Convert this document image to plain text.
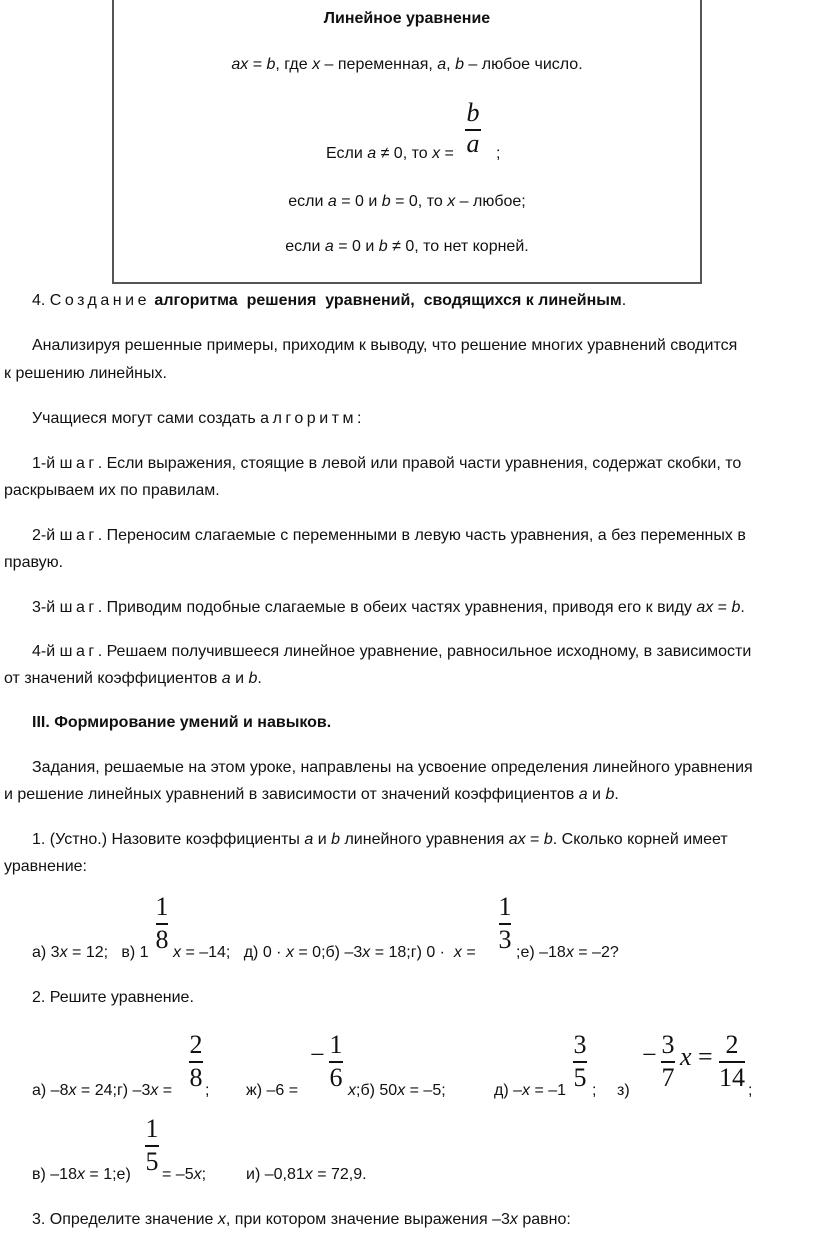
Линейное уравнение
ax = b, где x – переменная, a, b – любое число.
Если a ≠ 0, то x =
b
a ;
если a = 0 и b = 0, то x – любое;
если a = 0 и b ≠ 0, то нет корней.
4. Создание алгоритма  решения  уравнений,  сводящихся к линейным.
Анализируя решенные примеры, приходим к выводу, что решение многих уравнений сводится
к решению линейных.
Учащиеся могут сами создать алгоритм:
1-й шаг. Если выражения, стоящие в левой или правой части уравнения, содержат скобки, то
раскрываем их по правилам.
2-й шаг. Переносим слагаемые с переменными в левую часть уравнения, а без переменных в
правую.
3-й шаг. Приводим подобные слагаемые в обеих частях уравнения, приводя его к виду ax = b.
4-й шаг. Решаем получившееся линейное уравнение, равносильное исходному, в зависимости
от значений коэффициентов a и b.
III. Формирование умений и навыков.
Задания, решаемые на этом уроке, направлены на усвоение определения линейного уравнения
и решение линейных уравнений в зависимости от значений коэффициентов a и b.
1. (Устно.) Назовите коэффициенты a и b линейного уравнения ax = b. Сколько корней имеет
уравнение:
а) 3x = 12;   в) 1
1
8 x = –14;   д) 0 · x = 0;б) –3x = 18;г) 0 ·  x =
1
3 ;е) –18x = –2?
2. Решите уравнение.
а) –8x = 24;г) –3x =
2
8 ; ж) –6 =
− 1
6 x;б) 50x = –5;	д) –x = –1
3
5 ; з)
− 3
7
x = 2
14 ;
в) –18x = 1;е)
1
5 = –5x; и) –0,81x = 72,9.
3. Определите значение x, при котором значение выражения –3x равно:
